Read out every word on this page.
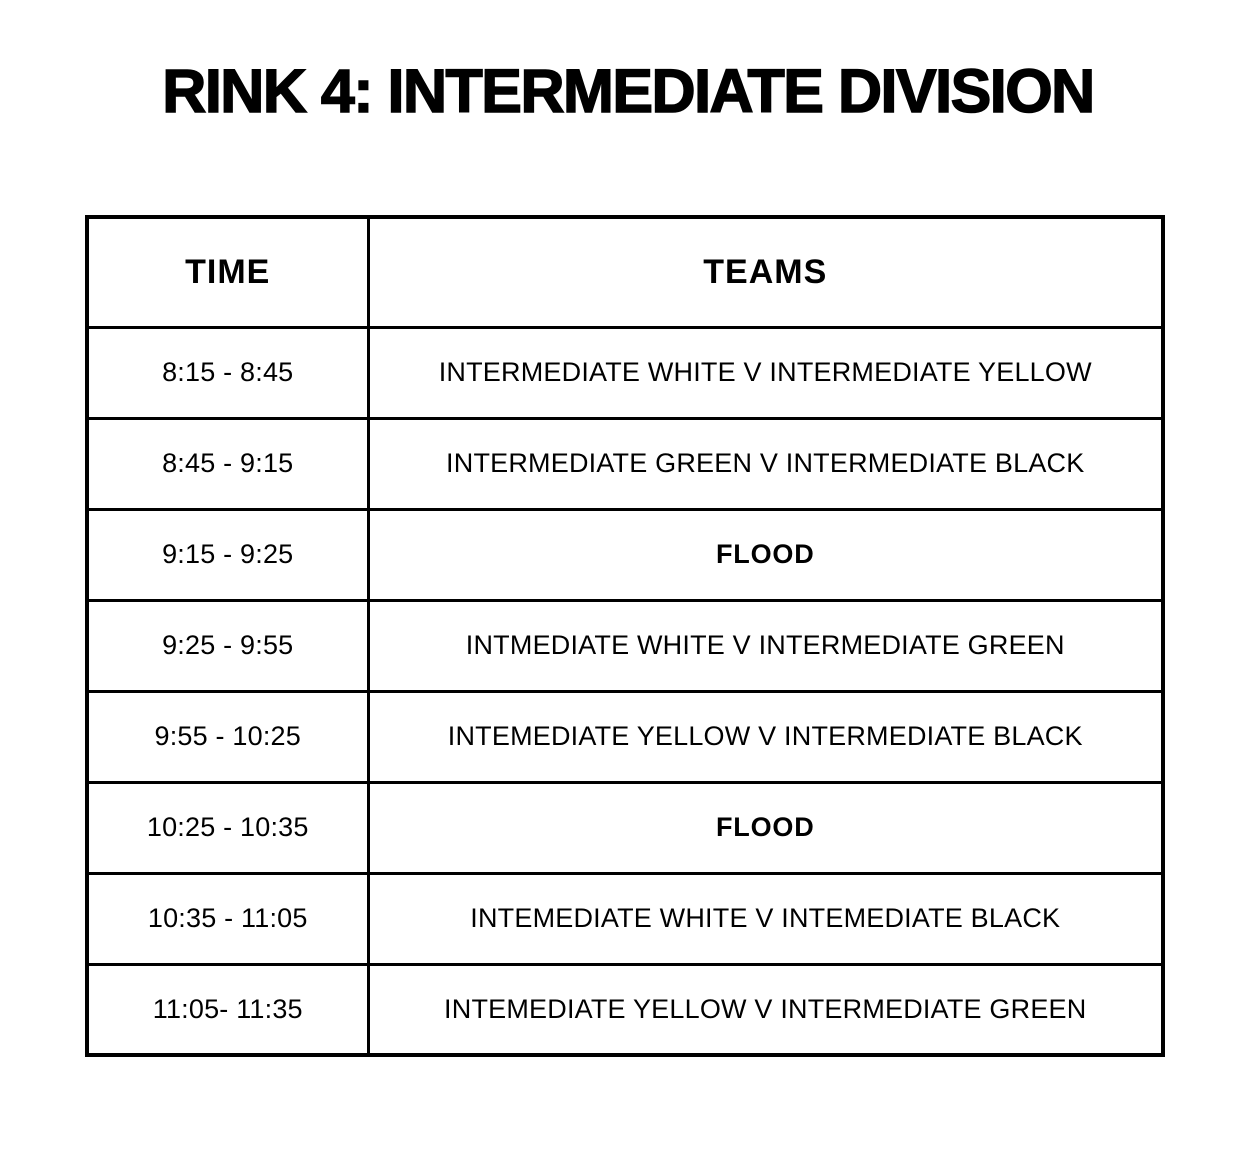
RINK 4: INTERMEDIATE DIVISION
TIME	TEAMS
8:15 - 8:45	INTERMEDIATE WHITE V INTERMEDIATE YELLOW
8:45 - 9:15	INTERMEDIATE GREEN V INTERMEDIATE BLACK
9:15 - 9:25	FLOOD
9:25 - 9:55	INTMEDIATE WHITE V INTERMEDIATE GREEN
9:55 - 10:25	INTEMEDIATE YELLOW V INTERMEDIATE BLACK
10:25 - 10:35	FLOOD
10:35 - 11:05	INTEMEDIATE WHITE V INTEMEDIATE BLACK
11:05- 11:35	INTEMEDIATE YELLOW V INTERMEDIATE GREEN
